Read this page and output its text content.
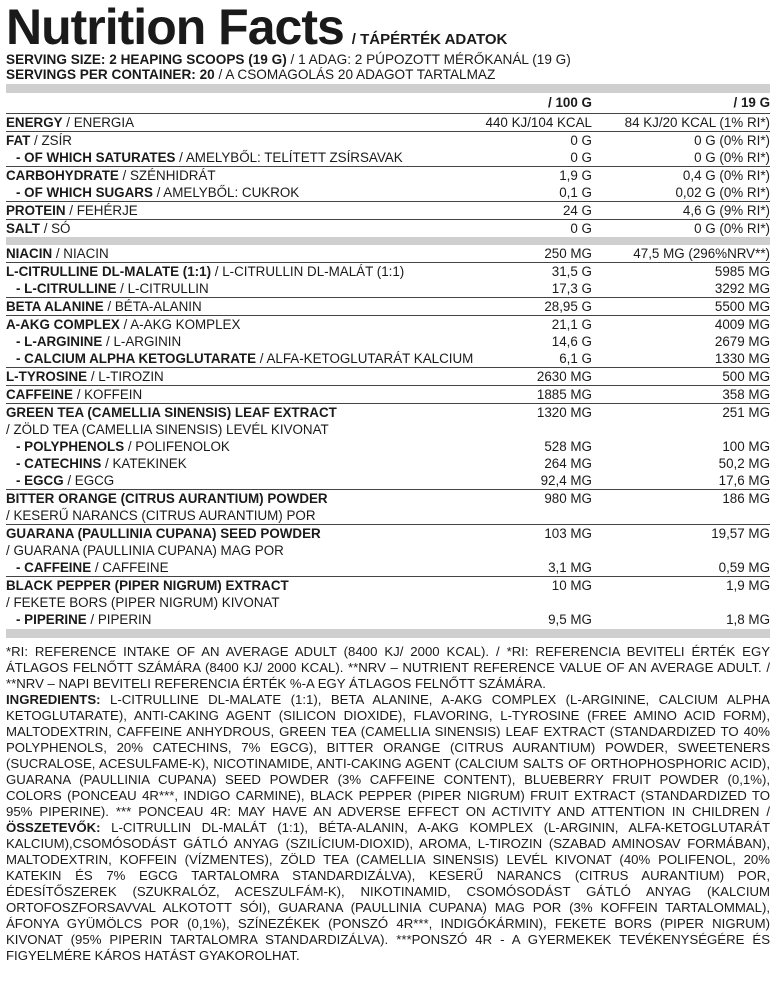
Nutrition Facts / TÁPÉRTÉK ADATOK
SERVING SIZE: 2 HEAPING SCOOPS (19 G) / 1 ADAG: 2 PÚPOZOTT MÉRŐKANÁL (19 G)
SERVINGS PER CONTAINER: 20 / A CSOMAGOLÁS 20 ADAGOT TARTALMAZ
	/ 100 G	/ 19 G
ENERGY / ENERGIA	440 KJ/104 KCAL	84 KJ/20 KCAL (1% RI*)
FAT / ZSÍR	0 G	0 G (0% RI*)
- OF WHICH SATURATES / AMELYBŐL: TELÍTETT ZSÍRSAVAK	0 G	0 G (0% RI*)
CARBOHYDRATE / SZÉNHIDRÁT	1,9 G	0,4 G (0% RI*)
- OF WHICH SUGARS / AMELYBŐL: CUKROK	0,1 G	0,02 G (0% RI*)
PROTEIN / FEHÉRJE	24 G	4,6 G (9% RI*)
SALT / SÓ	0 G	0 G (0% RI*)

NIACIN / NIACIN	250 MG	47,5 MG (296%NRV**)
L-CITRULLINE DL-MALATE (1:1) / L-CITRULLIN DL-MALÁT (1:1)	31,5 G	5985 MG
- L-CITRULLINE / L-CITRULLIN	17,3 G	3292 MG
BETA ALANINE / BÉTA-ALANIN	28,95 G	5500 MG
A-AKG COMPLEX / A-AKG KOMPLEX	21,1 G	4009 MG
- L-ARGININE / L-ARGININ	14,6 G	2679 MG
- CALCIUM ALPHA KETOGLUTARATE / ALFA-KETOGLUTARÁT KALCIUM	6,1 G	1330 MG
L-TYROSINE / L-TIROZIN	2630 MG	500 MG
CAFFEINE / KOFFEIN	1885 MG	358 MG
GREEN TEA (CAMELLIA SINENSIS) LEAF EXTRACT	1320 MG	251 MG
/ ZÖLD TEA (CAMELLIA SINENSIS) LEVÉL KIVONAT		
- POLYPHENOLS / POLIFENOLOK	528 MG	100 MG
- CATECHINS / KATEKINEK	264 MG	50,2 MG
- EGCG / EGCG	92,4 MG	17,6 MG
BITTER ORANGE (CITRUS AURANTIUM) POWDER	980 MG	186 MG
/ KESERŰ NARANCS (CITRUS AURANTIUM) POR		
GUARANA (PAULLINIA CUPANA) SEED POWDER	103 MG	19,57 MG
/ GUARANA (PAULLINIA CUPANA) MAG POR		
- CAFFEINE / CAFFEINE	3,1 MG	0,59 MG
BLACK PEPPER (PIPER NIGRUM) EXTRACT	10 MG	1,9 MG
/ FEKETE BORS (PIPER NIGRUM) KIVONAT		
- PIPERINE / PIPERIN	9,5 MG	1,8 MG
*RI: REFERENCE INTAKE OF AN AVERAGE ADULT (8400 KJ/ 2000 KCAL). / *RI: REFERENCIA BEVITELI ÉRTÉK EGY ÁTLAGOS FELNŐTT SZÁMÁRA (8400 KJ/ 2000 KCAL). **NRV – NUTRIENT REFERENCE VALUE OF AN AVERAGE ADULT. / **NRV – NAPI BEVITELI REFERENCIA ÉRTÉK %-A EGY ÁTLAGOS FELNŐTT SZÁMÁRA.
INGREDIENTS: L-CITRULLINE DL-MALATE (1:1), BETA ALANINE, A-AKG COMPLEX (L-ARGININE, CALCIUM ALPHA KETOGLUTARATE), ANTI-CAKING AGENT (SILICON DIOXIDE), FLAVORING, L-TYROSINE (FREE AMINO ACID FORM), MALTODEXTRIN, CAFFEINE ANHYDROUS, GREEN TEA (CAMELLIA SINENSIS) LEAF EXTRACT (STANDARDIZED TO 40% POLYPHENOLS, 20% CATECHINS, 7% EGCG), BITTER ORANGE (CITRUS AURANTIUM) POWDER, SWEETENERS (SUCRALOSE, ACESULFAME-K), NICOTINAMIDE, ANTI-CAKING AGENT (CALCIUM SALTS OF ORTHOPHOSPHORIC ACID), GUARANA (PAULLINIA CUPANA) SEED POWDER (3% CAFFEINE CONTENT), BLUEBERRY FRUIT POWDER (0,1%), COLORS (PONCEAU 4R***, INDIGO CARMINE), BLACK PEPPER (PIPER NIGRUM) FRUIT EXTRACT (STANDARDIZED TO 95% PIPERINE). *** PONCEAU 4R: MAY HAVE AN ADVERSE EFFECT ON ACTIVITY AND ATTENTION IN CHILDREN / ÖSSZETEVŐK: L-CITRULLIN DL-MALÁT (1:1), BÉTA-ALANIN, A-AKG KOMPLEX (L-ARGININ, ALFA-KETOGLUTARÁT KALCIUM),CSOMÓSODÁST GÁTLÓ ANYAG (SZILÍCIUM-DIOXID), AROMA, L-TIROZIN (SZABAD AMINOSAV FORMÁBAN), MALTODEXTRIN, KOFFEIN (VÍZMENTES), ZÖLD TEA (CAMELLIA SINENSIS) LEVÉL KIVONAT (40% POLIFENOL, 20% KATEKIN ÉS 7% EGCG TARTALOMRA STANDARDIZÁLVA), KESERŰ NARANCS (CITRUS AURANTIUM) POR, ÉDESÍTŐSZEREK (SZUKRALÓZ, ACESZULFÁM-K), NIKOTINAMID, CSOMÓSODÁST GÁTLÓ ANYAG (KALCIUM ORTOFOSZFORSAVVAL ALKOTOTT SÓI), GUARANA (PAULLINIA CUPANA) MAG POR (3% KOFFEIN TARTALOMMAL), ÁFONYA GYÜMÖLCS POR (0,1%), SZÍNEZÉKEK (PONSZÓ 4R***, INDIGÓKÁRMIN), FEKETE BORS (PIPER NIGRUM) KIVONAT (95% PIPERIN TARTALOMRA STANDARDIZÁLVA). ***PONSZÓ 4R - A GYERMEKEK TEVÉKENYSÉGÉRE ÉS FIGYELMÉRE KÁROS HATÁST GYAKOROLHAT.
